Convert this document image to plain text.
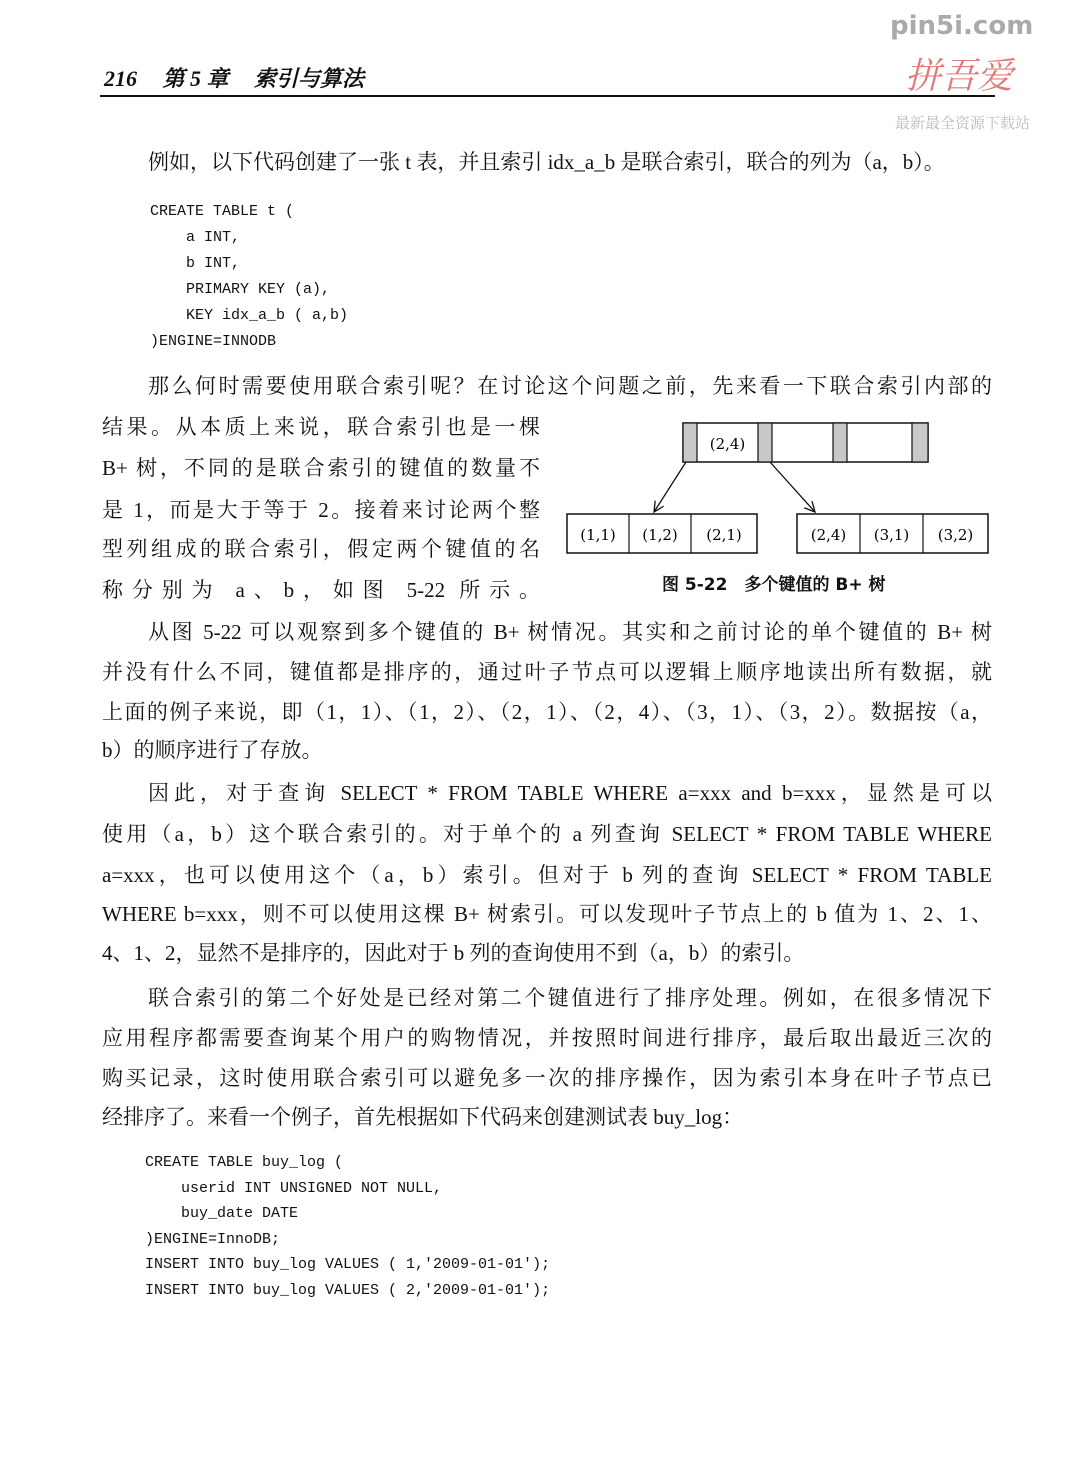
216 第 5 章 索引与算法
pin5i.com
拼吾爱
最新最全资源下载站
例如，以下代码创建了一张 t 表，并且索引 idx_a_b 是联合索引，联合的列为（a，b）。
那么何时需要使用联合索引呢？在讨论这个问题之前，先来看一下联合索引内部的
结果。从本质上来说，联合索引也是一棵
B+ 树，不同的是联合索引的键值的数量不
是 1，而是大于等于 2。接着来讨论两个整
型列组成的联合索引，假定两个键值的名
称分别为 a、b，如图 5-22 所示。
从图 5-22 可以观察到多个键值的 B+ 树情况。其实和之前讨论的单个键值的 B+ 树
并没有什么不同，键值都是排序的，通过叶子节点可以逻辑上顺序地读出所有数据，就
上面的例子来说，即（1，1）、（1，2）、（2，1）、（2，4）、（3，1）、（3，2）。数据按（a，
b）的顺序进行了存放。
因此，对于查询 SELECT * FROM TABLE WHERE a=xxx and b=xxx，显然是可以
使用（a，b）这个联合索引的。对于单个的 a 列查询 SELECT * FROM TABLE WHERE
a=xxx，也可以使用这个（a，b）索引。但对于 b 列的查询 SELECT * FROM TABLE
WHERE b=xxx，则不可以使用这棵 B+ 树索引。可以发现叶子节点上的 b 值为 1、2、1、
4、1、2，显然不是排序的，因此对于 b 列的查询使用不到（a，b）的索引。
联合索引的第二个好处是已经对第二个键值进行了排序处理。例如，在很多情况下
应用程序都需要查询某个用户的购物情况，并按照时间进行排序，最后取出最近三次的
购买记录，这时使用联合索引可以避免多一次的排序操作，因为索引本身在叶子节点已
经排序了。来看一个例子，首先根据如下代码来创建测试表 buy_log：
CREATE TABLE t (
a INT,
b INT,
PRIMARY KEY (a),
KEY idx_a_b ( a,b)
)ENGINE=INNODB
CREATE TABLE buy_log (
userid INT UNSIGNED NOT NULL,
buy_date DATE
)ENGINE=InnoDB;
INSERT INTO buy_log VALUES ( 1,'2009-01-01');
INSERT INTO buy_log VALUES ( 2,'2009-01-01');
(2,4)
(1,1) (1,2) (2,1)	(2,4) (3,1) (3,2)
图 5-22　多个键值的 B+ 树
